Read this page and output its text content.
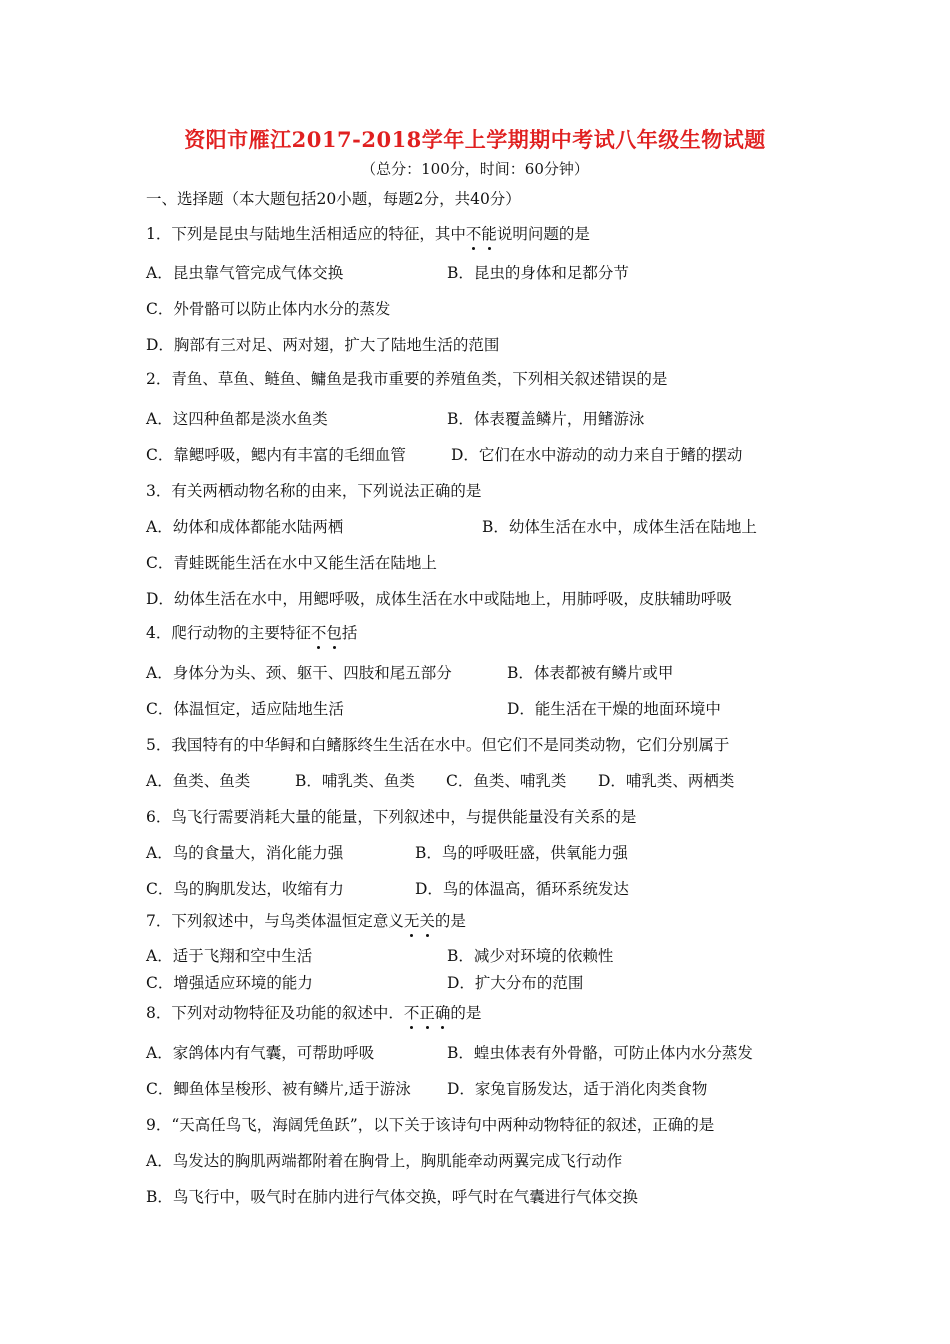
资阳市雁江2017-2018学年上学期期中考试八年级生物试题
（总分：100分，时间：60分钟）
一、选择题（本大题包括20小题，每题2分，共40分）
1．下列是昆虫与陆地生活相适应的特征，其中不能说明问题的是
A．昆虫靠气管完成气体交换	B．昆虫的身体和足都分节
C．外骨骼可以防止体内水分的蒸发
D．胸部有三对足、两对翅，扩大了陆地生活的范围
2．青鱼、草鱼、鲢鱼、鳙鱼是我市重要的养殖鱼类，下列相关叙述错误的是
A．这四种鱼都是淡水鱼类	B．体表覆盖鳞片，用鳍游泳
C．靠鳃呼吸，鳃内有丰富的毛细血管	D．它们在水中游动的动力来自于鳍的摆动
3．有关两栖动物名称的由来，下列说法正确的是
A．幼体和成体都能水陆两栖	B．幼体生活在水中，成体生活在陆地上
C．青蛙既能生活在水中又能生活在陆地上
D．幼体生活在水中，用鳃呼吸，成体生活在水中或陆地上，用肺呼吸，皮肤辅助呼吸
4．爬行动物的主要特征不包括
A．身体分为头、颈、躯干、四肢和尾五部分	B．体表都被有鳞片或甲
C．体温恒定，适应陆地生活	D．能生活在干燥的地面环境中
5．我国特有的中华鲟和白鳍豚终生生活在水中。但它们不是同类动物，它们分别属于
A．鱼类、鱼类	B．哺乳类、鱼类 C．鱼类、哺乳类 D．哺乳类、两栖类
6．鸟飞行需要消耗大量的能量，下列叙述中，与提供能量没有关系的是
A．鸟的食量大，消化能力强	B．鸟的呼吸旺盛，供氧能力强
C．鸟的胸肌发达，收缩有力	D．鸟的体温高，循环系统发达
7．下列叙述中，与鸟类体温恒定意义无关的是
A．适于飞翔和空中生活	B．减少对环境的依赖性
C．增强适应环境的能力	D．扩大分布的范围
8．下列对动物特征及功能的叙述中．不正确的是
A．家鸽体内有气囊，可帮助呼吸	B．蝗虫体表有外骨骼，可防止体内水分蒸发
C．鲫鱼体呈梭形、被有鳞片,适于游泳 D．家兔盲肠发达，适于消化肉类食物
9．“天高任鸟飞，海阔凭鱼跃”，以下关于该诗句中两种动物特征的叙述，正确的是
A．鸟发达的胸肌两端都附着在胸骨上，胸肌能牵动两翼完成飞行动作
B．鸟飞行中，吸气时在肺内进行气体交换，呼气时在气囊进行气体交换
